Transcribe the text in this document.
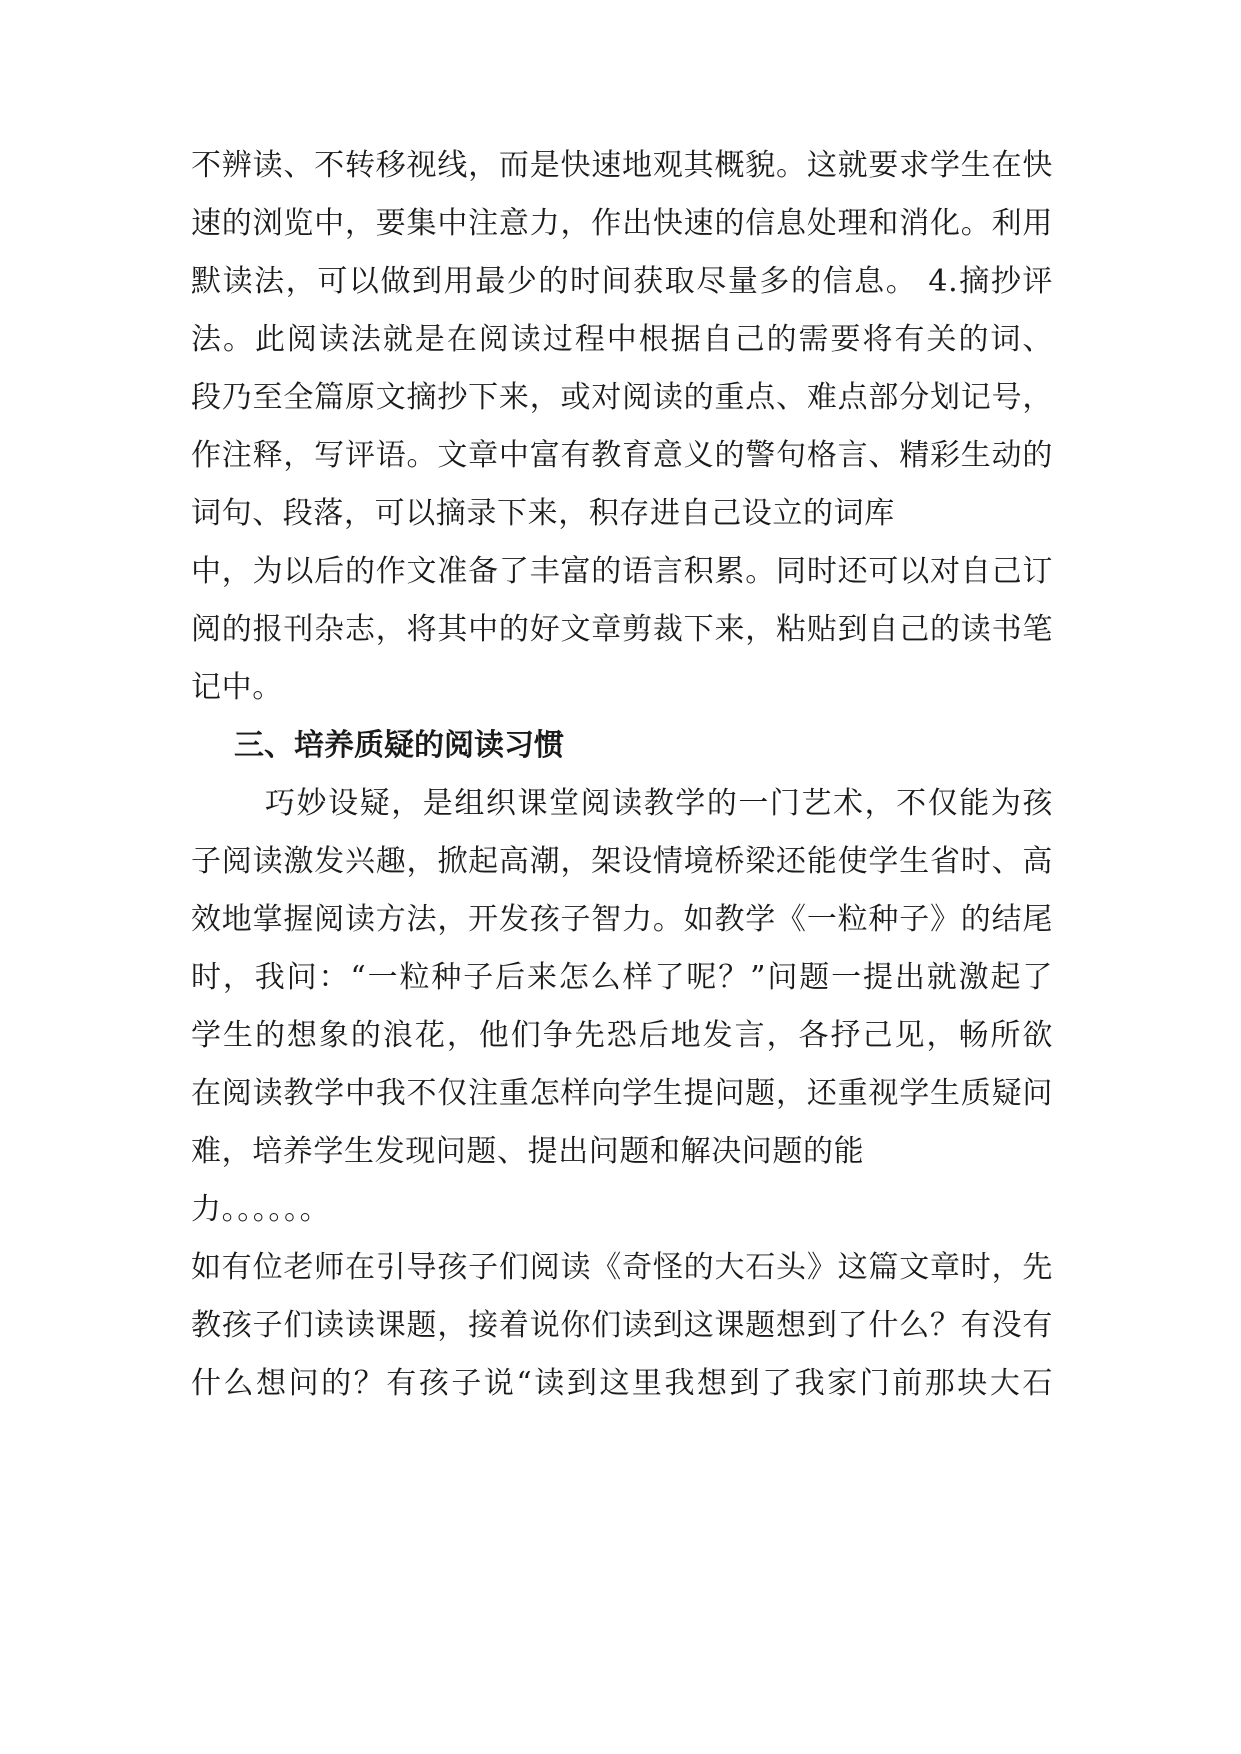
不辨读、不转移视线，而是快速地观其概貌。这就要求学生在快
速的浏览中，要集中注意力，作出快速的信息处理和消化。利用
默读法，可以做到用最少的时间获取尽量多的信息。 4.摘抄评
法。此阅读法就是在阅读过程中根据自己的需要将有关的词、
段乃至全篇原文摘抄下来，或对阅读的重点、难点部分划记号，
作注释，写评语。文章中富有教育意义的警句格言、精彩生动的
词句、段落，可以摘录下来，积存进自己设立的词库
中，为以后的作文准备了丰富的语言积累。同时还可以对自己订
阅的报刊杂志，将其中的好文章剪裁下来，粘贴到自己的读书笔
记中。
三、培养质疑的阅读习惯
巧妙设疑，是组织课堂阅读教学的一门艺术，不仅能为孩
子阅读激发兴趣，掀起高潮，架设情境桥梁还能使学生省时、高
效地掌握阅读方法，开发孩子智力。如教学《一粒种子》的结尾
时，我问：“一粒种子后来怎么样了呢？”问题一提出就激起了
学生的想象的浪花，他们争先恐后地发言，各抒己见，畅所欲
在阅读教学中我不仅注重怎样向学生提问题，还重视学生质疑问
难，培养学生发现问题、提出问题和解决问题的能
力。。。。。。
如有位老师在引导孩子们阅读《奇怪的大石头》这篇文章时，先
教孩子们读读课题，接着说你们读到这课题想到了什么？有没有
什么想问的？有孩子说“读到这里我想到了我家门前那块大石
